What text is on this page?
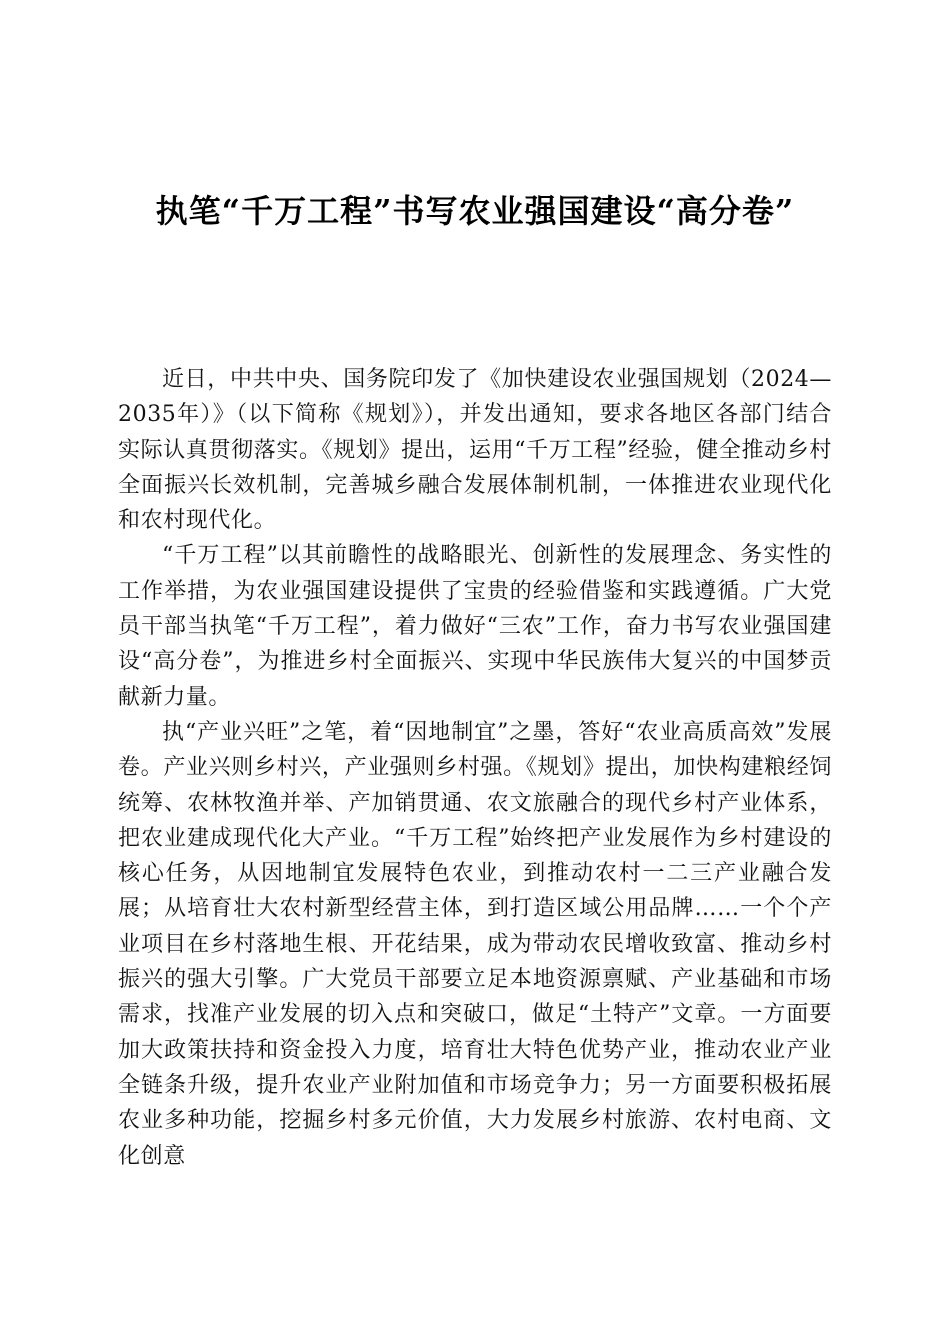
执笔“千万工程”书写农业强国建设“高分卷”

近日，中共中央、国务院印发了《加快建设农业强国规划（2024—2035年）》（以下简称《规划》），并发出通知，要求各地区各部门结合实际认真贯彻落实。《规划》提出，运用“千万工程”经验，健全推动乡村全面振兴长效机制，完善城乡融合发展体制机制，一体推进农业现代化和农村现代化。

“千万工程”以其前瞻性的战略眼光、创新性的发展理念、务实性的工作举措，为农业强国建设提供了宝贵的经验借鉴和实践遵循。广大党员干部当执笔“千万工程”，着力做好“三农”工作，奋力书写农业强国建设“高分卷”，为推进乡村全面振兴、实现中华民族伟大复兴的中国梦贡献新力量。

执“产业兴旺”之笔，着“因地制宜”之墨，答好“农业高质高效”发展卷。产业兴则乡村兴，产业强则乡村强。《规划》提出，加快构建粮经饲统筹、农林牧渔并举、产加销贯通、农文旅融合的现代乡村产业体系，把农业建成现代化大产业。“千万工程”始终把产业发展作为乡村建设的核心任务，从因地制宜发展特色农业，到推动农村一二三产业融合发展；从培育壮大农村新型经营主体，到打造区域公用品牌……一个个产业项目在乡村落地生根、开花结果，成为带动农民增收致富、推动乡村振兴的强大引擎。广大党员干部要立足本地资源禀赋、产业基础和市场需求，找准产业发展的切入点和突破口，做足“土特产”文章。一方面要加大政策扶持和资金投入力度，培育壮大特色优势产业，推动农业产业全链条升级，提升农业产业附加值和市场竞争力；另一方面要积极拓展农业多种功能，挖掘乡村多元价值，大力发展乡村旅游、农村电商、文化创意
